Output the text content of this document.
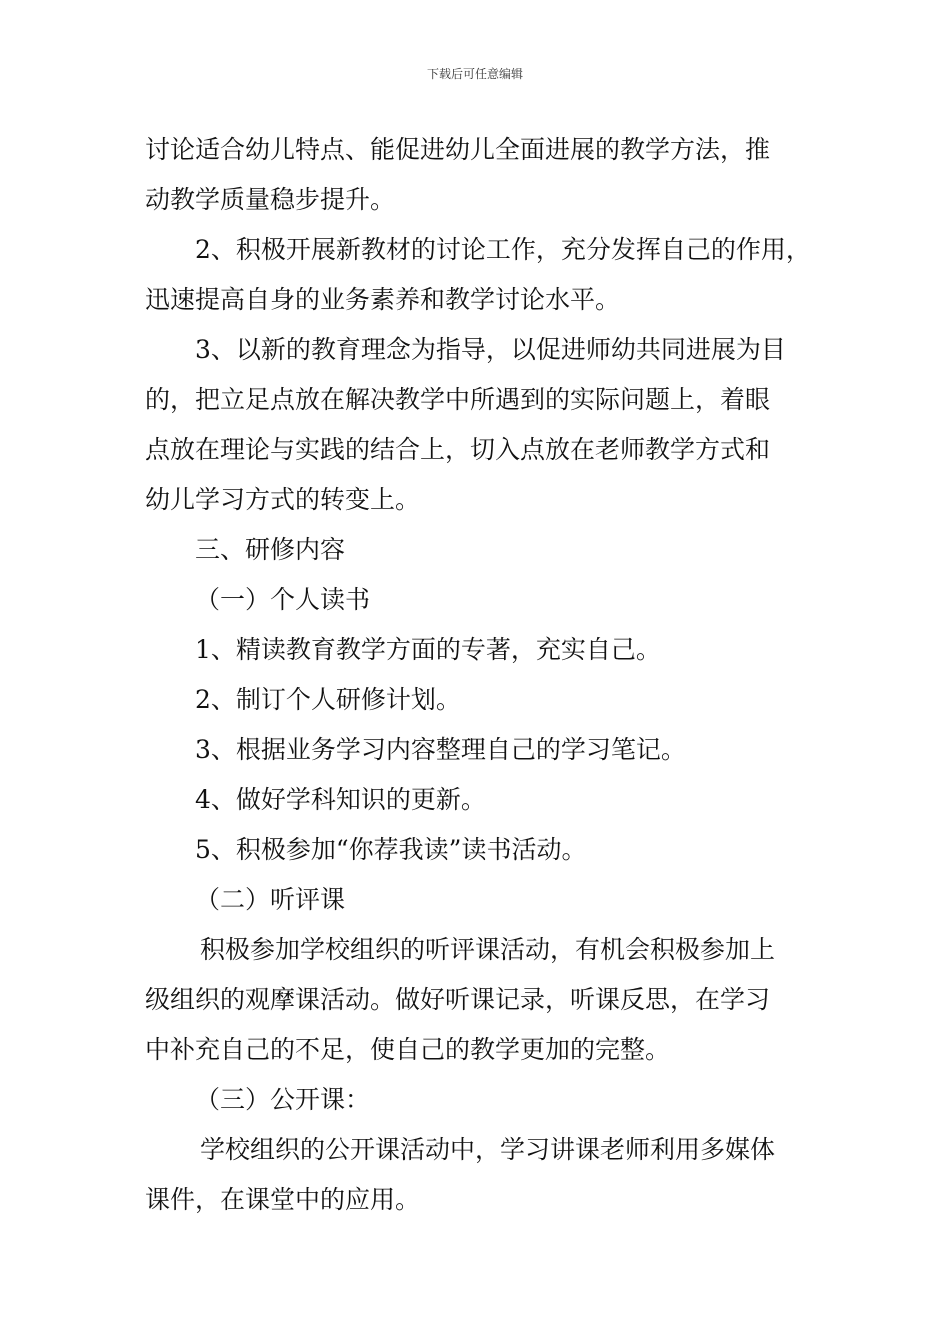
下载后可任意编辑
讨论适合幼儿特点、能促进幼儿全面进展的教学方法，推
动教学质量稳步提升。
2、积极开展新教材的讨论工作，充分发挥自己的作用，
迅速提高自身的业务素养和教学讨论水平。
3、以新的教育理念为指导，以促进师幼共同进展为目
的，把立足点放在解决教学中所遇到的实际问题上，着眼
点放在理论与实践的结合上，切入点放在老师教学方式和
幼儿学习方式的转变上。
三、研修内容
（一）个人读书
1、精读教育教学方面的专著，充实自己。
2、制订个人研修计划。
3、根据业务学习内容整理自己的学习笔记。
4、做好学科知识的更新。
5、积极参加“你荐我读”读书活动。
（二）听评课
积极参加学校组织的听评课活动，有机会积极参加上
级组织的观摩课活动。做好听课记录，听课反思，在学习
中补充自己的不足，使自己的教学更加的完整。
（三）公开课：
学校组织的公开课活动中，学习讲课老师利用多媒体
课件，在课堂中的应用。
